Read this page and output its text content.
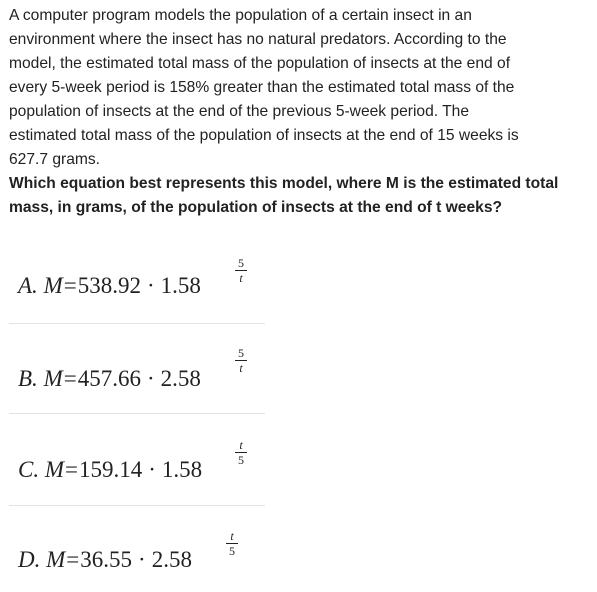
A computer program models the population of a certain insect in an

environment where the insect has no natural predators. According to the

model, the estimated total mass of the population of insects at the end of

every 5-week period is 158% greater than the estimated total mass of the

population of insects at the end of the previous 5-week period. The

estimated total mass of the population of insects at the end of 15 weeks is

627.7 grams.

Which equation best represents this model, where M is the estimated total

mass, in grams, of the population of insects at the end of t weeks?

A. M=538.92 · 1.58
$\frac{5}{t}$
B. M=457.66 · 2.58
$\frac{5}{t}$
C. M=159.14 · 1.58
$\frac{t}{5}$
D. M=36.55 · 2.58
$\frac{t}{5}$
